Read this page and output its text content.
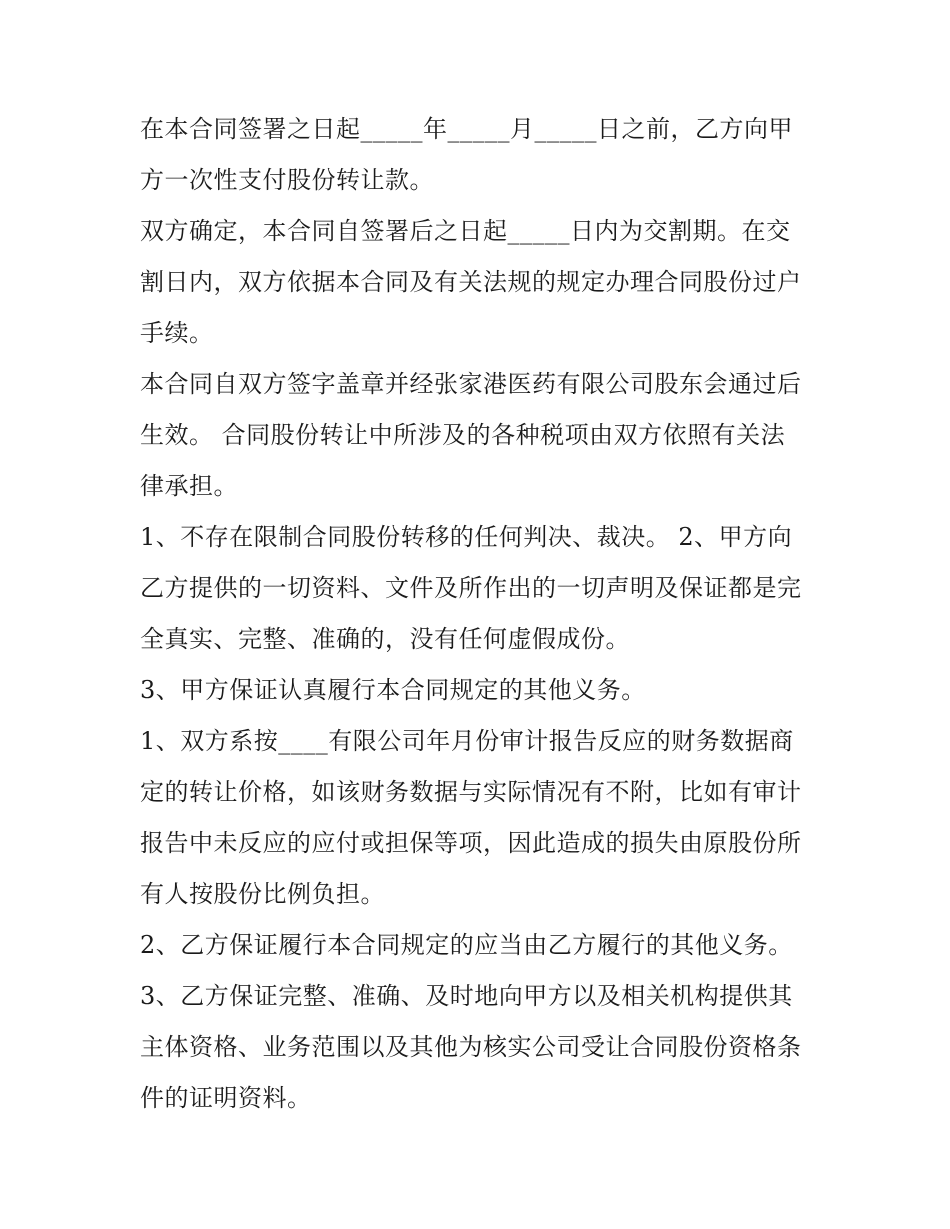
在本合同签署之日起_____年_____月_____日之前，乙方向甲
方一次性支付股份转让款。
双方确定，本合同自签署后之日起_____日内为交割期。在交
割日内，双方依据本合同及有关法规的规定办理合同股份过户
手续。
本合同自双方签字盖章并经张家港医药有限公司股东会通过后
生效。 合同股份转让中所涉及的各种税项由双方依照有关法
律承担。
1、不存在限制合同股份转移的任何判决、裁决。 2、甲方向
乙方提供的一切资料、文件及所作出的一切声明及保证都是完
全真实、完整、准确的，没有任何虚假成份。
3、甲方保证认真履行本合同规定的其他义务。
1、双方系按____有限公司年月份审计报告反应的财务数据商
定的转让价格，如该财务数据与实际情况有不附，比如有审计
报告中未反应的应付或担保等项，因此造成的损失由原股份所
有人按股份比例负担。
2、乙方保证履行本合同规定的应当由乙方履行的其他义务。
3、乙方保证完整、准确、及时地向甲方以及相关机构提供其
主体资格、业务范围以及其他为核实公司受让合同股份资格条
件的证明资料。
